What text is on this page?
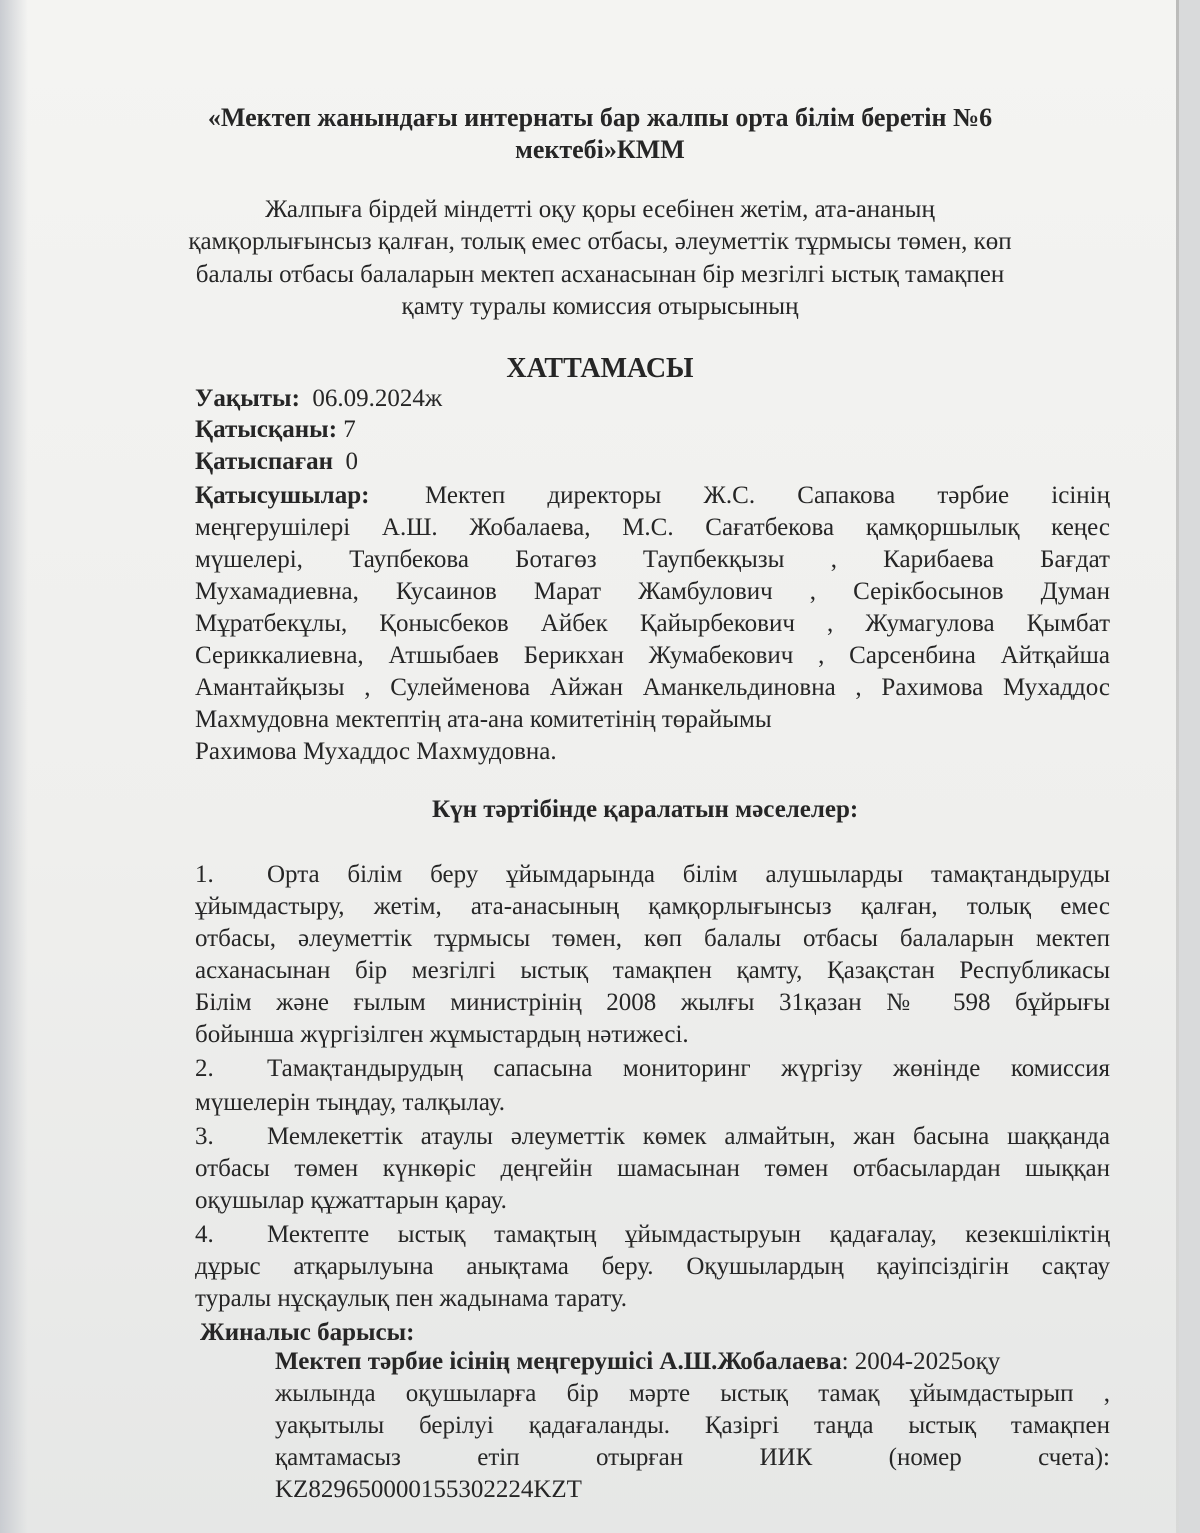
«Мектеп жанындағы интернаты бар жалпы орта білім беретін №6
мектебі»КММ
Жалпыға бірдей міндетті оқу қоры есебінен жетім, ата-ананың
қамқорлығынсыз қалған, толық емес отбасы, әлеуметтік тұрмысы төмен, көп
балалы отбасы балаларын мектеп асханасынан бір мезгілгі ыстық тамақпен
қамту туралы комиссия отырысының
ХАТТАМАСЫ
Уақыты: 06.09.2024ж
Қатысқаны: 7
Қатыспаған 0
Қатысушылар: Мектеп директоры Ж.С. Сапакова тәрбие ісінің
меңгерушілері А.Ш. Жобалаева, М.С. Сағатбекова қамқоршылық кеңес
мүшелері, Таупбекова Ботагөз Таупбекқызы , Карибаева Бағдат
Мухамадиевна, Кусаинов Марат Жамбулович , Серікбосынов Думан
Мұратбекұлы, Қонысбеков Айбек Қайырбекович , Жумагулова Қымбат
Сериккалиевна, Атшыбаев Берикхан Жумабекович , Сарсенбина Айтқайша
Амантайқызы , Сулейменова Айжан Аманкельдиновна , Рахимова Мухаддос
Махмудовна мектептің ата-ана комитетінің төрайымы
Рахимова Мухаддос Махмудовна.
Күн тәртібінде қаралатын мәселелер:
1. Орта білім беру ұйымдарында білім алушыларды тамақтандыруды
ұйымдастыру, жетім, ата-анасының қамқорлығынсыз қалған, толық емес
отбасы, әлеуметтік тұрмысы төмен, көп балалы отбасы балаларын мектеп
асханасынан бір мезгілгі ыстық тамақпен қамту, Қазақстан Республикасы
Білім және ғылым министрінің 2008 жылғы 31қазан № 598 бұйрығы
бойынша жүргізілген жұмыстардың нәтижесі.
2. Тамақтандырудың сапасына мониторинг жүргізу жөнінде комиссия
мүшелерін тыңдау, талқылау.
3. Мемлекеттік атаулы әлеуметтік көмек алмайтын, жан басына шаққанда
отбасы төмен күнкөріс деңгейін шамасынан төмен отбасылардан шыққан
оқушылар құжаттарын қарау.
4. Мектепте ыстық тамақтың ұйымдастыруын қадағалау, кезекшіліктің
дұрыс атқарылуына анықтама беру. Оқушылардың қауіпсіздігін сақтау
туралы нұсқаулық пен жадынама тарату.
Жиналыс барысы:
Мектеп тәрбие ісінің меңгерушісі А.Ш.Жобалаева: 2004-2025оқу
жылында оқушыларға бір мәрте ыстық тамақ ұйымдастырып ,
уақытылы берілуі қадағаланды. Қазіргі таңда ыстық тамақпен
қамтамасыз етіп отырған ИИК (номер счета):
KZ829650000155302224KZT
